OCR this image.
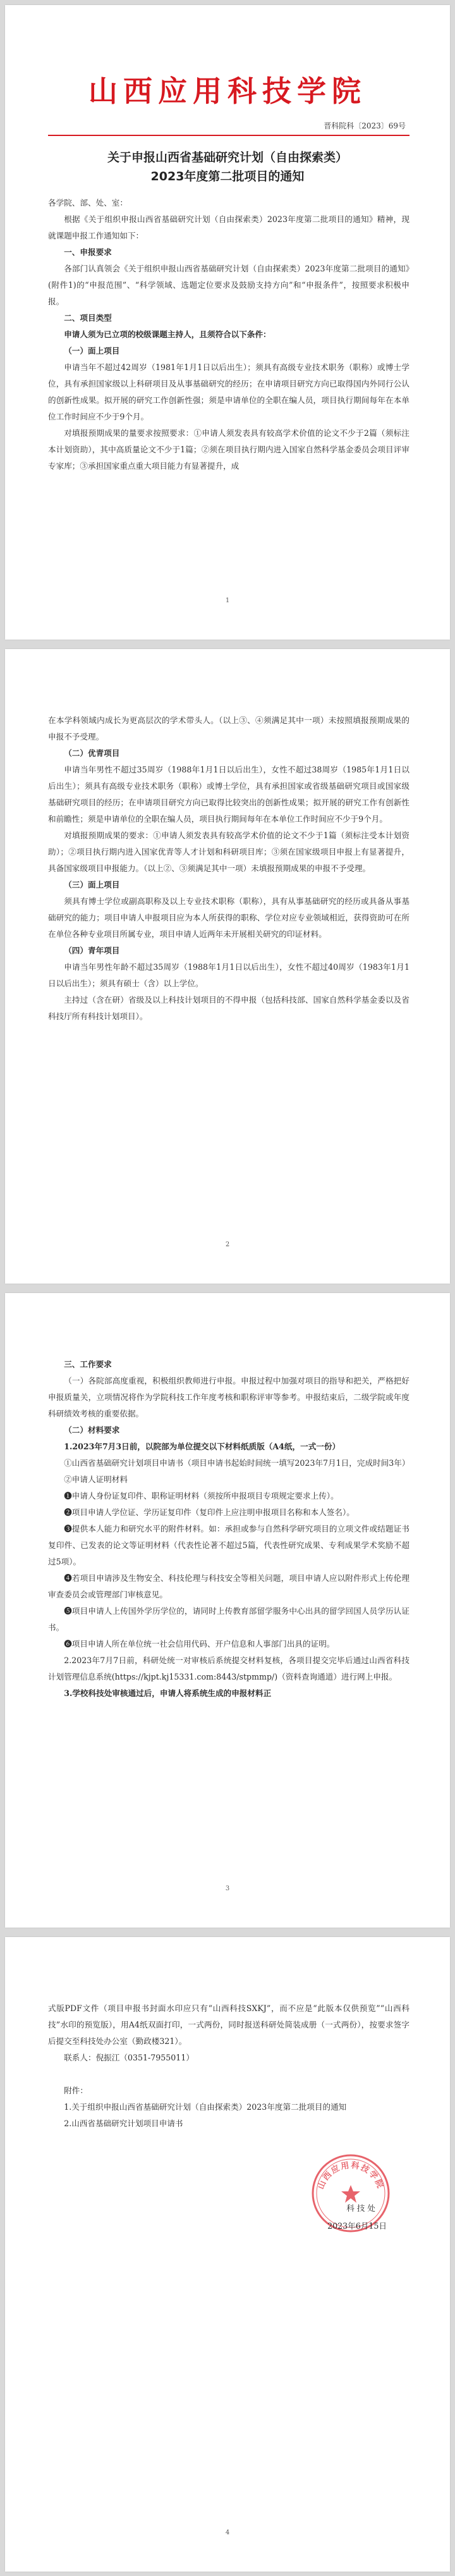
山西应用科技学院
晋科院科〔2023〕69号
关于申报山西省基础研究计划（自由探索类）
2023年度第二批项目的通知

各学院、部、处、室：

根据《关于组织申报山西省基础研究计划（自由探索类）2023年度第二批项目的通知》精神，现就课题申报工作通知如下：

一、申报要求

各部门认真领会《关于组织申报山西省基础研究计划（自由探索类）2023年度第二批项目的通知》(附件1)的“申报范围”、“科学领域、选题定位要求及鼓励支持方向”和“申报条件”，按照要求积极申报。

二、项目类型

申请人须为已立项的校级课题主持人，且须符合以下条件：

（一）面上项目

申请当年不超过42周岁（1981年1月1日以后出生）；须具有高级专业技术职务（职称）或博士学位，具有承担国家级以上科研项目及从事基础研究的经历；在申请项目研究方向已取得国内外同行公认的创新性成果。拟开展的研究工作创新性强；须是申请单位的全职在编人员，项目执行期间每年在本单位工作时间应不少于9个月。

对填报预期成果的量要求按照要求：①申请人须发表具有较高学术价值的论文不少于2篇（须标注本计划资助），其中高质量论文不少于1篇；②须在项目执行期内进入国家自然科学基金委员会项目评审专家库；③承担国家重点重大项目能力有显著提升，成

1

在本学科领域内成长为更高层次的学术带头人。（以上③、④须满足其中一项）未按照填报预期成果的申报不予受理。

（二）优青项目

申请当年男性不超过35周岁（1988年1月1日以后出生），女性不超过38周岁（1985年1月1日以后出生）；须具有高级专业技术职务（职称）或博士学位，具有承担国家或省级基础研究项目或国家级基础研究项目的经历；在申请项目研究方向已取得比较突出的创新性成果；拟开展的研究工作有创新性和前瞻性；须是申请单位的全职在编人员，项目执行期间每年在本单位工作时间应不少于9个月。

对填报预期成果的要求：①申请人须发表具有较高学术价值的论文不少于1篇（须标注受本计划资助）；②项目执行期内进入国家优青等人才计划和科研项目库；③须在国家级项目申报上有显著提升，具备国家级项目申报能力。（以上②、③须满足其中一项）未填报预期成果的申报不予受理。

（三）面上项目

须具有博士学位或副高职称及以上专业技术职称（职称），具有从事基础研究的经历或具备从事基础研究的能力；项目申请人申报项目应为本人所获得的职称、学位对应专业领域相近，获得资助可在所在单位各种专业项目所属专业，项目申请人近两年未开展相关研究的印证材料。

（四）青年项目

申请当年男性年龄不超过35周岁（1988年1月1日以后出生），女性不超过40周岁（1983年1月1日以后出生）；须具有硕士（含）以上学位。

主持过（含在研）省级及以上科技计划项目的不得申报（包括科技部、国家自然科学基金委以及省科技厅所有科技计划项目）。

2

三、工作要求

（一）各院部高度重视，积极组织教师进行申报。申报过程中加强对项目的指导和把关，严格把好申报质量关，立项情况将作为学院科技工作年度考核和职称评审等参考。申报结束后，二级学院或年度科研绩效考核的重要依据。

（二）材料要求

1.2023年7月3日前，以院部为单位提交以下材料纸质版（A4纸，一式一份）

①山西省基础研究计划项目申请书（项目申请书起始时间统一填写2023年7月1日，完成时间3年）

②申请人证明材料

❶申请人身份证复印件、职称证明材料（须按所申报项目专项规定要求上传）。

❷项目申请人学位证、学历证复印件（复印件上应注明申报项目名称和本人签名）。

❸提供本人能力和研究水平的附件材料。如：承担或参与自然科学研究项目的立项文件或结题证书复印件、已发表的论文等证明材料（代表性论著不超过5篇，代表性研究成果、专利成果学术奖励不超过5项）。

❹若项目申请涉及生物安全、科技伦理与科技安全等相关问题，项目申请人应以附件形式上传伦理审查委员会或管理部门审核意见。

❺项目申请人上传国外学历学位的，请同时上传教育部留学服务中心出具的留学回国人员学历认证书。

❻项目申请人所在单位统一社会信用代码、开户信息和人事部门出具的证明。

2.2023年7月7日前，科研处统一对审核后系统提交材料复核，各项目提交完毕后通过山西省科技计划管理信息系统(https://kjpt.kj15331.com:8443/stpmmp/)（资料查询通道）进行网上申报。

3.学校科技处审核通过后，申请人将系统生成的申报材料正

3

式版PDF文件（项目申报书封面水印应只有“山西科技SXKJ”，而不应是“此版本仅供预览”“山西科技”水印的预览版），用A4纸双面打印，一式两份，同时报送科研处简装成册（一式两份），按要求签字后提交至科技处办公室（勤政楼321）。

联系人：倪振江（0351-7955011）

附件：

1.关于组织申报山西省基础研究计划（自由探索类）2023年度第二批项目的通知

2.山西省基础研究计划项目申请书

山西应用科技学院
科 技 处
2023年6月15日
4
